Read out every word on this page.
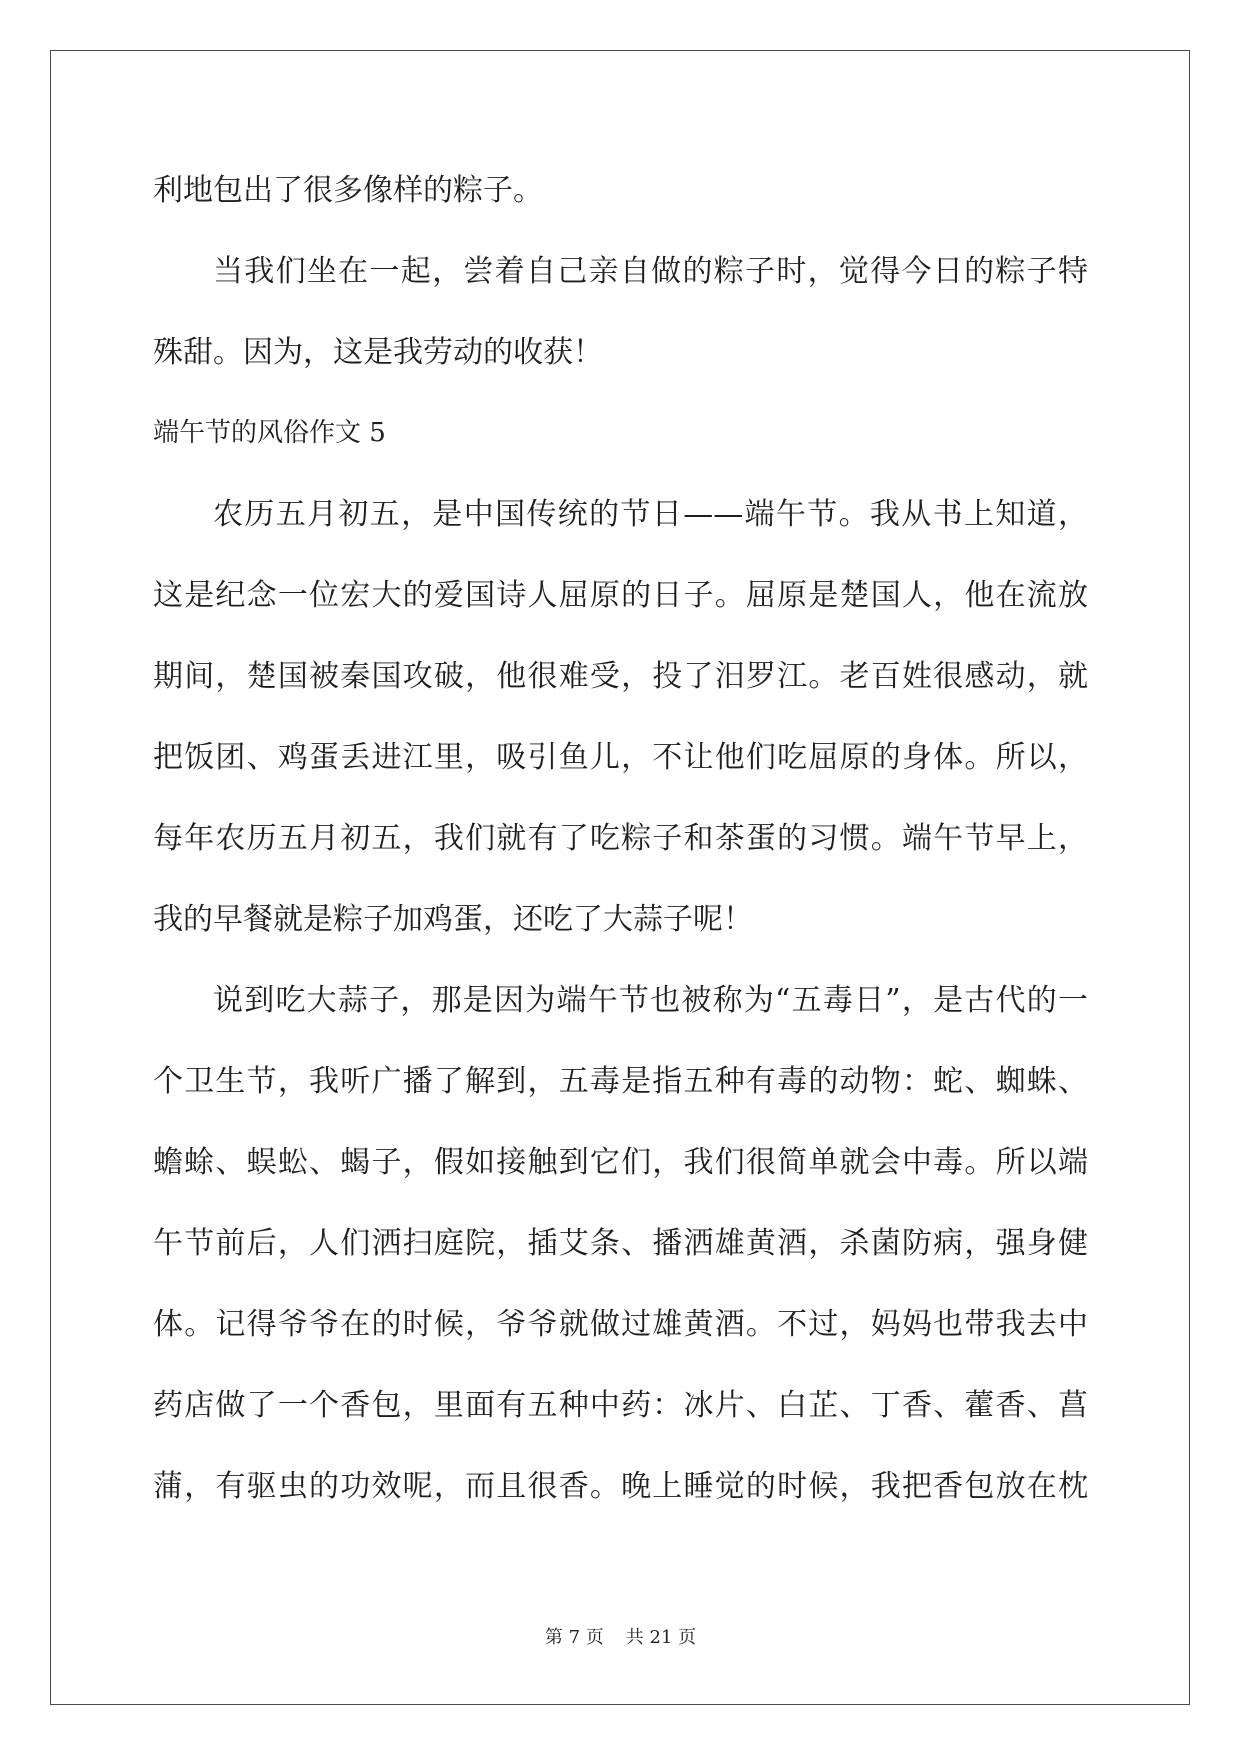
利地包出了很多像样的粽子。
当我们坐在一起，尝着自己亲自做的粽子时，觉得今日的粽子特
殊甜。因为，这是我劳动的收获！
端午节的风俗作文 5
农历五月初五，是中国传统的节日——端午节。我从书上知道，
这是纪念一位宏大的爱国诗人屈原的日子。屈原是楚国人，他在流放
期间，楚国被秦国攻破，他很难受，投了汨罗江。老百姓很感动，就
把饭团、鸡蛋丢进江里，吸引鱼儿，不让他们吃屈原的身体。所以，
每年农历五月初五，我们就有了吃粽子和茶蛋的习惯。端午节早上，
我的早餐就是粽子加鸡蛋，还吃了大蒜子呢！
说到吃大蒜子，那是因为端午节也被称为“五毒日”，是古代的一
个卫生节，我听广播了解到，五毒是指五种有毒的动物：蛇、蜘蛛、
蟾蜍、蜈蚣、蝎子，假如接触到它们，我们很简单就会中毒。所以端
午节前后，人们洒扫庭院，插艾条、播洒雄黄酒，杀菌防病，强身健
体。记得爷爷在的时候，爷爷就做过雄黄酒。不过，妈妈也带我去中
药店做了一个香包，里面有五种中药：冰片、白芷、丁香、藿香、菖
蒲，有驱虫的功效呢，而且很香。晚上睡觉的时候，我把香包放在枕
第 7 页 共 21 页
